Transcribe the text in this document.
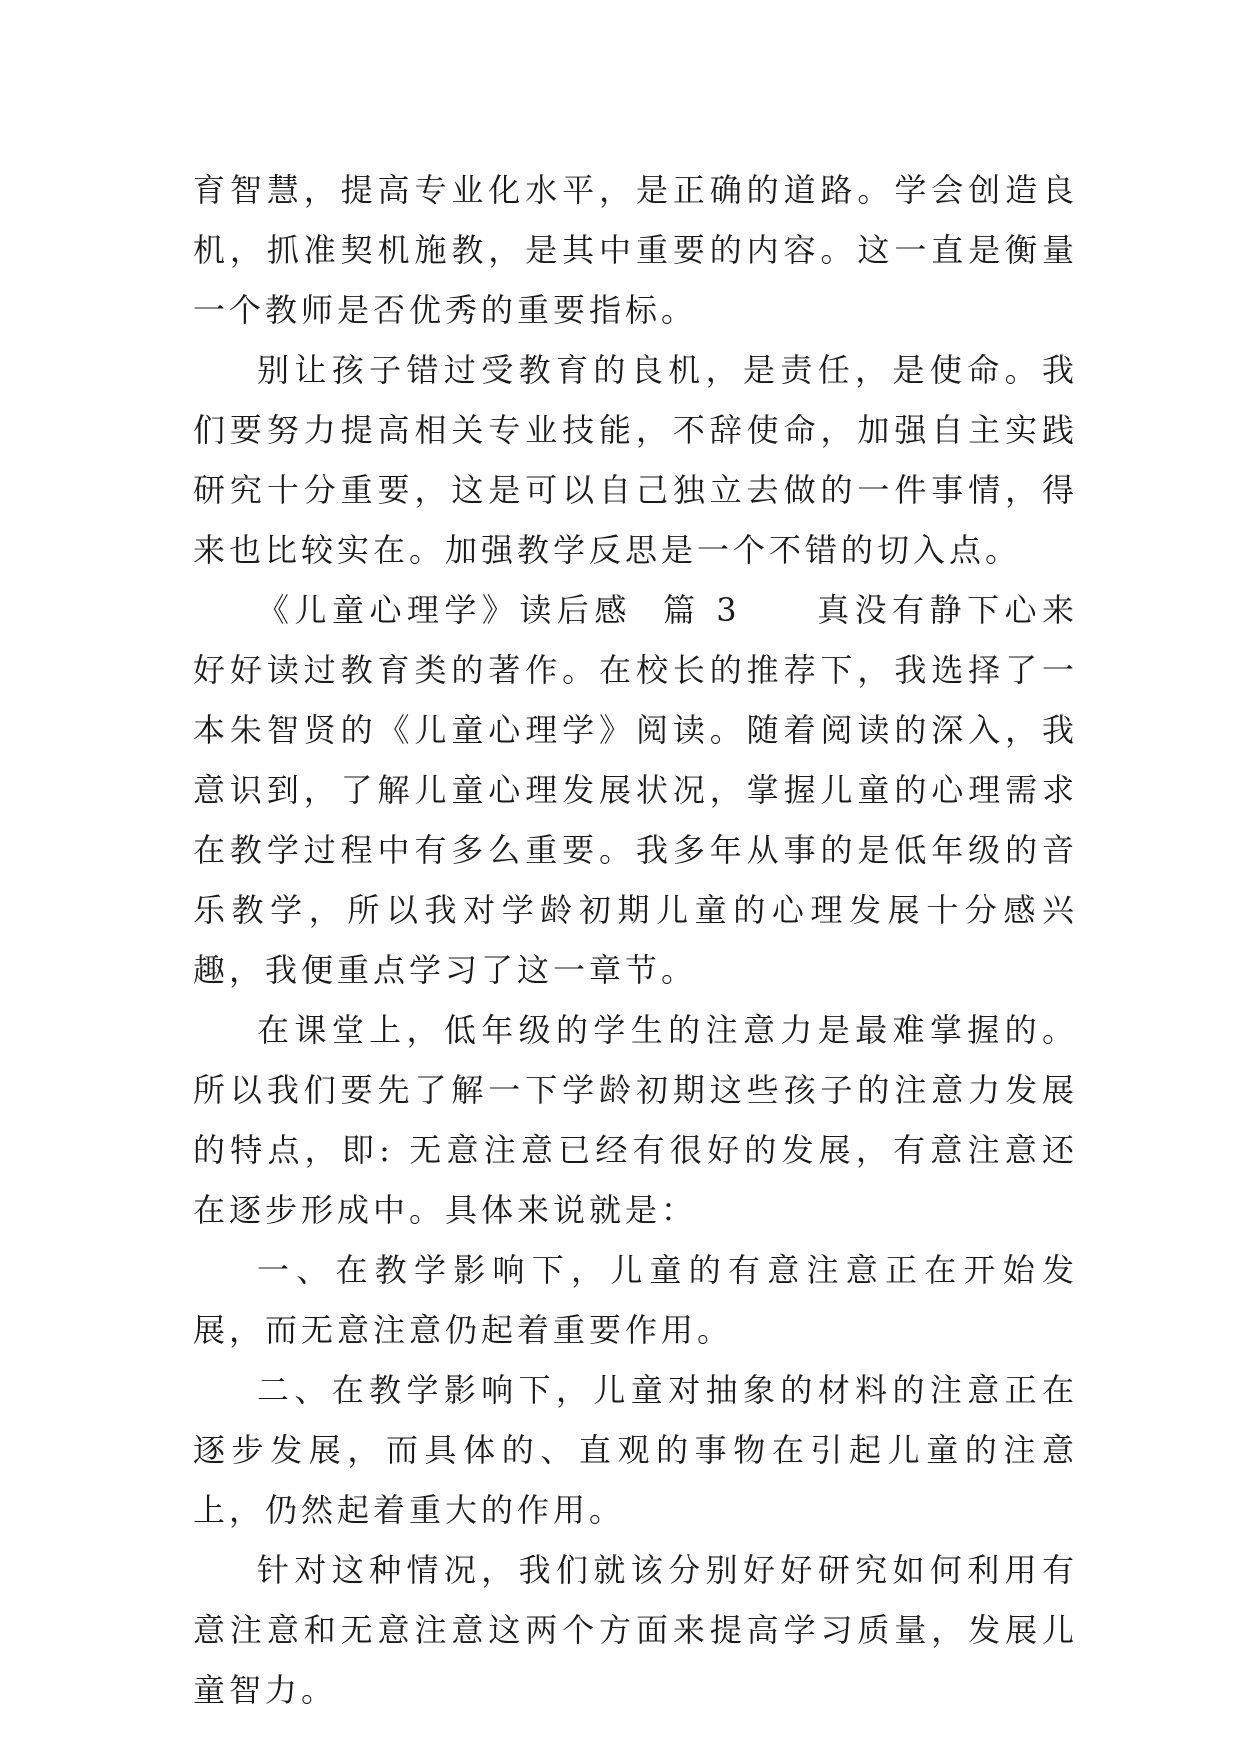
育智慧，提高专业化水平，是正确的道路。学会创造良机，抓准契机施教，是其中重要的内容。这一直是衡量一个教师是否优秀的重要指标。

别让孩子错过受教育的良机，是责任，是使命。我们要努力提高相关专业技能，不辞使命，加强自主实践研究十分重要，这是可以自己独立去做的一件事情，得来也比较实在。加强教学反思是一个不错的切入点。

《儿童心理学》读后感  篇 3　　真没有静下心来好好读过教育类的著作。在校长的推荐下，我选择了一本朱智贤的《儿童心理学》阅读。随着阅读的深入，我意识到，了解儿童心理发展状况，掌握儿童的心理需求在教学过程中有多么重要。我多年从事的是低年级的音乐教学，所以我对学龄初期儿童的心理发展十分感兴趣，我便重点学习了这一章节。

在课堂上，低年级的学生的注意力是最难掌握的。所以我们要先了解一下学龄初期这些孩子的注意力发展的特点，即: 无意注意已经有很好的发展，有意注意还在逐步形成中。具体来说就是：

一、在教学影响下，儿童的有意注意正在开始发展，而无意注意仍起着重要作用。

二、在教学影响下，儿童对抽象的材料的注意正在逐步发展，而具体的、直观的事物在引起儿童的注意上，仍然起着重大的作用。

针对这种情况，我们就该分别好好研究如何利用有意注意和无意注意这两个方面来提高学习质量，发展儿童智力。
